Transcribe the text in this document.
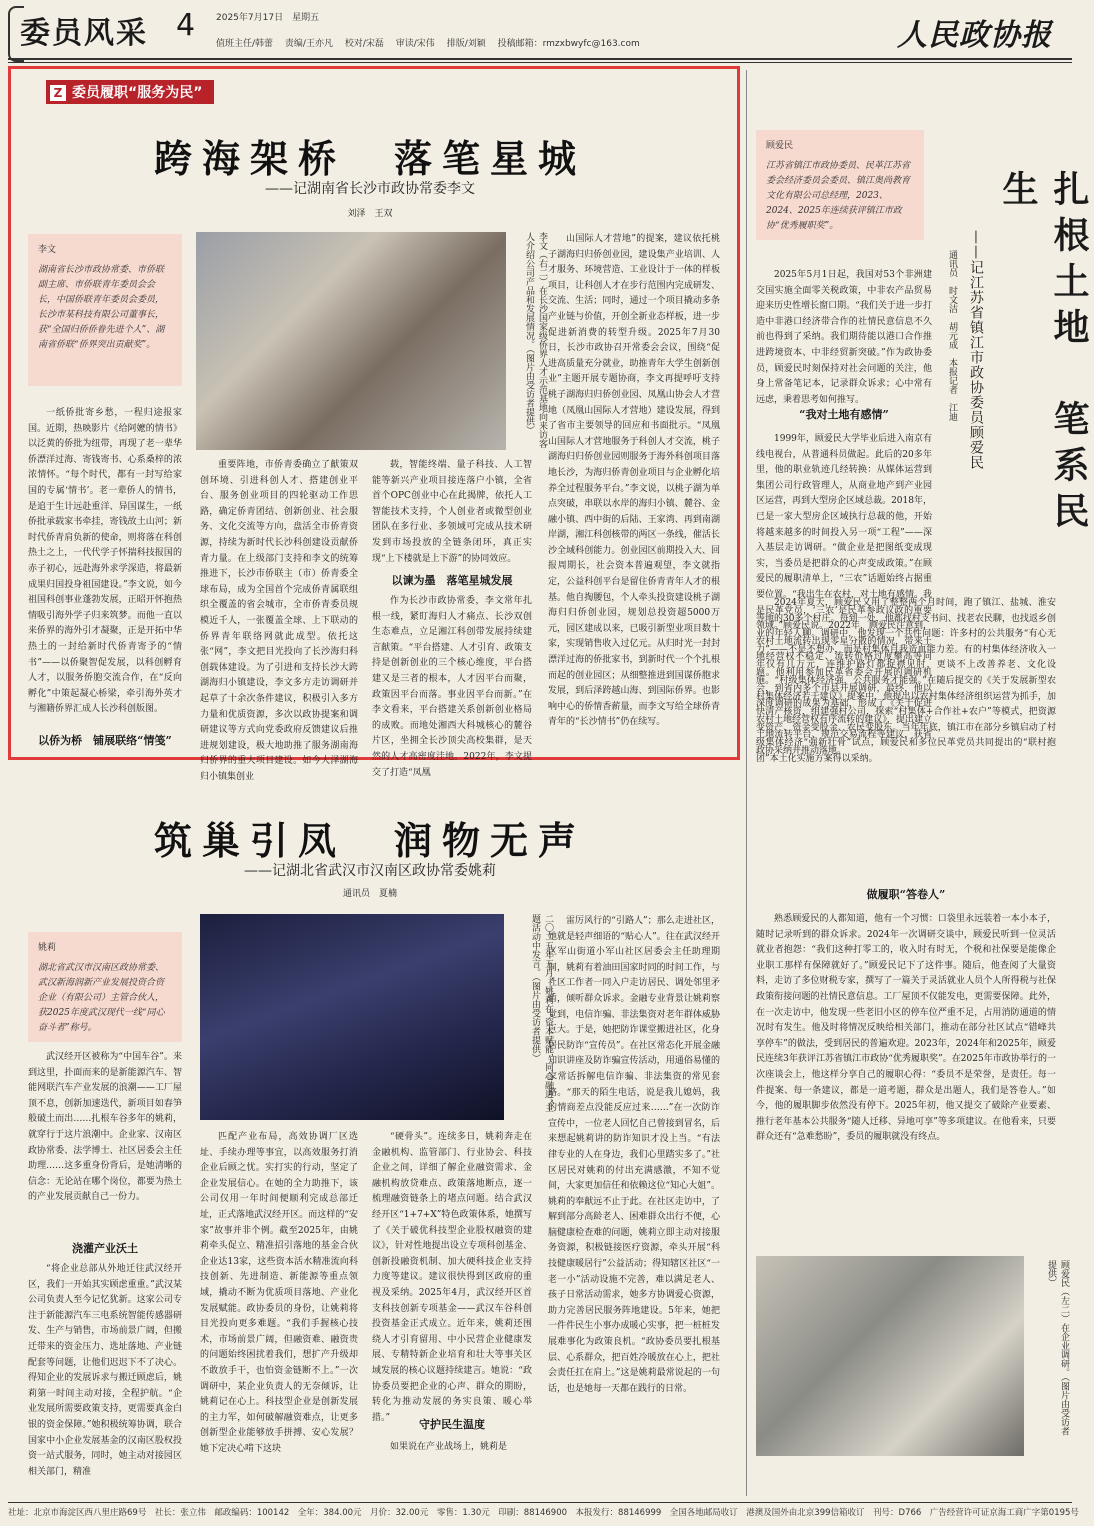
委员风采 4 2025年7月17日　星期五
值班主任/韩蕾　 责编/王亦凡　 校对/宋磊　 审读/宋伟　 排版/刘颖　 投稿邮箱：rmzxbwyfc@163.com	人民政协报
Z 委员履职“服务为民”
跨海架桥　落笔星城
——记湖南省长沙市政协常委李文
刘泽　王双
李文
湖南省长沙市政协常委、市侨联副主席、市侨联青年委员会会长，中国侨联青年委员会委员，长沙市某科技有限公司董事长，获“全国归侨侨眷先进个人”、湖南省侨联“侨界突出贡献奖”。	李文（右二）在长沙国家级侨界人才示范基地向来访客人介绍公司产品和发展情况。（图片由受访者提供）

一纸侨批寄乡愁，一程归途报家国。近期，热映影片《给阿嬷的情书》以泛黄的侨批为纽带，再现了老一辈华侨漂洋过海、寄钱寄书、心系桑梓的浓浓情怀。“每个时代，都有一封写给家国的专属‘情书’。老一辈侨人的情书，是追于生计远赴重洋、异国谋生，一纸侨批承载家书牵挂，寄钱故土山河；新时代侨青肩负新的使命，则将落在科创热土之上，一代代学子怀揣科技报国的赤子初心，远赴海外求学深造，将最新成果归国投身祖国建设。”李文说，如今祖国科创事业蓬勃发展，正昭开怀抱热情吸引海外学子归来筑梦。而他一直以来侨界的海外引才凝聚，正是开拓中华热土的一封给新时代侨青寄予的“情书”——以侨聚智促发展，以科创孵育人才，以服务侨胞交流合作，在“反向孵化”中策起凝心桥梁，牵引海外英才与湘籍侨界汇成人长沙科创版图。

以侨为桥　铺展联络“情笺”

重要阵地，市侨青委确立了献策双创环境、引进科创人才、搭建创业平台、服务创业项目的四轮驱动工作思路，确定侨青团结、创新创业、社会服务、文化交流等方向，盘活全市侨青资源，持续为新时代长沙科创建设贡献侨青力量。在上级部门支持和李文的统筹推进下，长沙市侨联主（市）侨青委全球布局，成为全国首个完成侨青属联组织全覆盖的省会城市，全市侨青委员规模近千人，一张覆盖全球、上下联动的侨界青年联络网就此成型。依托这张“网”，李文把目光投向了长沙海归科创载体建设。为了引进和支持长沙大跨湖海归小镇建设，李文多方走访调研并起草了十余次条件建议，积极引入多方力量和优质资源，多次以政协提案和调研建议等方式向党委政府反馈建议后推进规划建设，极大地助推了服务湖南海归侨界的重大项目建设。如今大泽湖海归小镇集创业

载，智能终端、量子科技、人工智能等新兴产业项目接连落户小镇，全省首个OPC创业中心在此揭牌，依托人工智能技术支持，个人创业者或微型创业团队在多行业、多领域可完成从技术研发到市场投放的全链条闭环，真正实现“上下楼就是上下游”的协同效应。

以谏为墨　落笔星城发展

作为长沙市政协常委，李文常年扎根一线，紧盯海归人才痛点、长沙双创生态难点，立足湘江科创带发展持续建言献策。“平台搭建、人才引育、政策支持是创新创业的三个核心维度，平台搭建又是三者的根本，人才因平台而聚，政策因平台而落。事业因平台而新。”在李文看来，平台搭建关系创新创业格局的成败。而地处湘西大科城核心的麓谷片区，坐拥全长沙顶尖高校集群，是天然的人才高密度洼地。2022年，李文提交了打造“凤凰

山国际人才营地”的提案，建议依托桃子湖海归归侨创业园，建设集产业培训、人才服务、环境营造、工业设计于一体的样板项目，让科创人才在步行范围内完成研发、交流、生活；同时，通过一个项目撬动多条产业链与价值，开创全新业态样板，进一步促进新消费的转型升级。2025年7月30日，长沙市政协召开常委会会议，围绕“促进高质量充分就业，助推青年大学生创新创业”主题开展专题协商，李文再提呼吁支持桃子湖海归归侨创业园、凤凰山协会人才营地（凤凰山国际人才营地）建设发展，得到了省市主要领导的回应和书面批示。“凤凰山国际人才营地服务于科创人才交流，桃子湖海归归侨创业园则服务于海外科创项目落地长沙，为海归侨青创业项目与企业孵化培养全过程服务平台。”李文说，以桃子湖为单点突破，串联以水岸的海归小镇、麓谷、金融小镇、西中街的后陆、王家湾、再到南湖岸湖，湘江科创核带的两区一条线，催活长沙全域科创能力。创业园区前期投入大、回报周期长，社会资本普遍观望，李文就指定，公益科创平台是留住侨青青年人才的根基。他自掏腰包，个人牵头投资建设桃子湖海归归侨创业园，规划总投资超5000万元，园区建成以来，已吸引新型业项目数十家，实现销售收入过亿元。从归时光一封封漂洋过海的侨批家书，到新时代一个个扎根而起的创业园区；从细整推进到国谋侨胞求发展，到后泽跨越山海、到国际侨界。也影响中心的侨情香薪量，而李文写给全球侨青青年的“长沙情书”仍在续写。

筑巢引凤　润物无声
——记湖北省武汉市汉南区政协常委姚莉
通讯员　夏楠
姚莉
湖北省武汉市汉南区政协常委、武汉新海润新产业发展投资合资企业（有限公司）主管合伙人，获2025年度武汉现代一线“同心奋斗者”称号。	二〇二五年五月，姚莉在“资本赋能，同心融进”主题活动中发言。（图片由受访者提供）

武汉经开区被称为“中国车谷”。来到这里，扑面而来的是新能源汽车、智能网联汽车产业发展的浪潮——工厂屋顶不息，创新加速迭代，新项目如春笋般破土而出……扎根车谷多年的姚莉，就穿行于这片浪潮中。企业家、汉南区政协常委、法学博士、社区居委会主任助理……这多重身份背后，是她清晰的信念：无论站在哪个岗位，都要为热土的产业发展贡献自己一份力。

浇灌产业沃土

“将企业总部从外地迁往武汉经开区，我们一开始其实顾虑重重。”武汉某公司负责人至今记忆犹新。这家公司专注于新能源汽车三电系统智能传感器研发、生产与销售，市场前景广阔，但搬迁带来的资金压力、选址落地、产业链配套等问题，让他们迟迟下不了决心。得知企业的发展诉求与搬迁顾虑后，姚莉第一时间主动对接，全程护航。“企业发展所需要政策支持，更需要真金白银的资金保障。”她积极统筹协调，联合国家中小企业发展基金的汉南区股权投资一站式服务，同时，她主动对接园区相关部门，精准

匹配产业布局，高效协调厂区选址、手续办理等事宜，以高效服务打消企业后顾之忧。实打实的行动，坚定了企业发展信心。在她的全力助推下，该公司仅用一年时间便顺利完成总部迁址，正式落地武汉经开区。而这样的“安家”故事并非个例。截至2025年，由姚莉牵头促立、精准招引落地的基金合伙企业达13家，这些资本活水精准流向科技创新、先进制造、新能源等重点领域，撬动不断为优质项目落地、产业化发展赋能。政协委员的身份，让姚莉将目光投向更多难题。“我们手握核心技术，市场前景广阔，但融资难、融资贵的问题始终困扰着我们，想扩产升级却不敢放手干，也怕资金链断不上。”一次调研中，某企业负责人的无奈倾诉，让姚莉记在心上。科技型企业是创新发展的主力军，如何破解融资难点，让更多创新型企业能够放手拼搏、安心发展？她下定决心啃下这块

“硬骨头”。连续多日，姚莉奔走在金融机构、监管部门、行业协会、科技企业之间，详细了解企业融资需求、金融机构放贷难点、政策落地断点，逐一梳理融资链条上的堵点问题。结合武汉经开区“1+7+X”特色政策体系，她撰写了《关于破优科技型企业股权融资的建议》，针对性地提出设立专项科创基金、创新投融资机制、加大硬科技企业支持力度等建议。建议很快得到区政府的重视及采纳。2025年4月，武汉经开区首支科技创新专项基金——武汉车谷科创投资基金正式成立。近年来，姚莉还围绕人才引育留用、中小民营企业健康发展、专精特新企业培育和壮大等事关区域发展的核心议题持续建言。她说：“政协委员要把企业的心声、群众的期盼，转化为推动发展的务实良策、暖心举措。”

守护民生温度

如果说在产业战场上，姚莉是

雷厉风行的“引路人”；那么走进社区，她就是轻声细语的“贴心人”。往在武汉经开区军山街道小军山社区居委会主任助理期间，姚莉有着油田国家时同的时间工作，与社区工作者一同入户走访居民、调处邻里矛盾，倾听群众诉求。金融专业背景让姚莉察觉到，电信诈骗、非法集资对老年群体威胁巨大。于是，她把防诈课堂搬进社区，化身居民防诈“宣传员”。在社区常态化开展金融知识讲座及防诈骗宣传活动，用通俗易懂的家常话拆解电信诈骗、非法集资的常见套路。“那天的陌生电话，说是我儿媳妈，我的情商差点没能反应过来……”在一次防诈宣传中，一位老人回忆自己曾接到冒名，后来想起姚莉讲的防诈知识才没上当。“有法律专业的人在身边，我们心里踏实多了。”社区居民对姚莉的付出充满感激，不知不觉间，大家更加信任和依赖这位“知心大姐”。姚莉的奉献远不止于此。在社区走访中，了解到部分高龄老人、困难群众出行不便，心脑健康检查难的问题，姚莉立即主动对接服务资源，积极链接医疗资源，牵头开展“科技健康暖居行”公益活动；得知辖区社区“一老一小”活动设施不完善，难以满足老人、孩子日常活动需求，她多方协调爱心资源，助力完善居民服务阵地建设。5年来，她把一件件民生小事办成暖心实事，把一桩桩发展难事化为政策良机。“政协委员要扎根基层、心系群众，把百姓冷暖放在心上，把社会责任扛在肩上。”这是姚莉最常说起的一句话，也是她每一天都在践行的日常。

顾爱民
江苏省镇江市政协委员、民革江苏省委会经济委员会委员、镇江奥尚教育文化有限公司总经理，2023、2024、2025年连续获评镇江市政协“优秀履职奖”。	扎根土地　笔系民生
——记江苏省镇江市政协委员顾爱民
通讯员　时文洁　胡元成　本报记者　江迪

2025年5月1日起，我国对53个非洲建交国实施全面零关税政策，中非农产品贸易迎来历史性增长窗口期。“我们关于进一步打造中非港口经济带合作的社情民意信息不久前也得到了采纳。我们期待能以港口合作推进跨境资本、中非经贸新突破。”作为政协委员，顾爱民时刻保持对社会问题的关注，他身上常备笔记本，记录群众诉求；心中常有远虑，秉着思考如何推写。

“我对土地有感情”

1999年，顾爱民大学毕业后进入南京有线电视台，从普通科员做起。此后的20多年里，他的职业轨迹几经转换：从媒体运营到集团公司行政管理人，从商业地产到产业园区运营，再到大型房企区域总裁。2018年，已是一家大型房企区域执行总裁的他，开始将越来越多的时间投入另一项“工程”——深入基层走访调研。“做企业是把图纸变成现实，当委员是把群众的心声变成政策。”在顾爱民的履职清单上，“三农”话题始终占据重要位置。“我出生在农村，对土地有感情。我是民革党员，‘三农’是民革参政议政的重要领域。”顾爱民说。2022年，顾爱民注意到，农村土地流转出现零星分散的情况，带来土地经营权不稳定、流转价格过度攀高等问题。他利用参加民革省委会开展的调研机会，到省内多个市县开展调研，最终，他以深度调研的成果为基础，形成了《关于促进农村土地经营权有序流转的建议》，提出建立土地流转平台、规范交易流程等建议，获省政协采纳并推动落地。

2024年夏天，顾爱民又用了整整两个月时间，跑了镇江、盐城、淮安等地的30多个村庄。每到一处，他都找村支书问、找老农民聊，也找返乡创业的年轻人聊。调研中，他发现一个共性问题：许多村的公共服务“有心无力”——不是不想办，而是村集体自我造血能力差。有的村集体经济收入一年仅有几万元，连维护路灯都捉襟见肘，更谈不上改善养老、文化设施。“村级集体经济强，公共服务才能强。”在随后提交的《关于发展新型农村集体经济若干建议》提案中，他提出以农村集体经济组织运营为抓手，加快清产核资，组建强村公司，探索“村集体+合作社+农户”等模式，把资源变资产、资金变股金、农民变股东。当年年底，镇江市在部分乡镇启动了村级集体经济“强新壮骨”试点，顾爱民和多位民革党员共同提出的“联村抱团”本土化实施方案得以采纳。

做履职“答卷人”

熟悉顾爱民的人都知道，他有一个习惯：口袋里永远装着一本小本子，随时记录听到的群众诉求。2024年一次调研交谈中，顾爱民听到一位灵活就业者抱怨：“我们这种打零工的，收入时有时无，个税和社保要是能像企业职工那样有保障就好了。”顾爱民记下了这件事。随后，他查阅了大量资料，走访了多位财税专家，撰写了一篇关于灵活就业人员个人所得税与社保政策衔接问题的社情民意信息。工厂屋顶不仅能发电，更需要保障。此外，在一次走访中，他发现一些老旧小区的停车位严重不足，占用消防通道的情况时有发生。他及时将情况反映给相关部门，推动在部分社区试点“错峰共享停车”的做法，受到居民的普遍欢迎。2023年，2024年和2025年，顾爱民连续3年获评江苏省镇江市政协“优秀履职奖”。在2025年市政协举行的一次座谈会上，他这样分享自己的履职心得：“委员不是荣誉，是责任。每一件提案、每一条建议，都是一道考题，群众是出题人，我们是答卷人。”如今，他的履职脚步依然没有停下。2025年初，他又提交了破除产业要素、推行老年基本公共服务“随人迁移、异地可享”等多项建议。在他看来，只要群众还有“急难愁盼”，委员的履职就没有终点。

顾爱民（左二）在企业调研。（图片由受访者提供）
社址：北京市海淀区西八里庄路69号　社长：张立伟　邮政编码：100142　全年：384.00元　月价：32.00元　零售：1.30元　印刷：88146900　本报发行：88146999　全国各地邮局收订　港澳及国外由北京399信箱收订　刊号：D766　广告经营许可证京海工商广字第0195号
